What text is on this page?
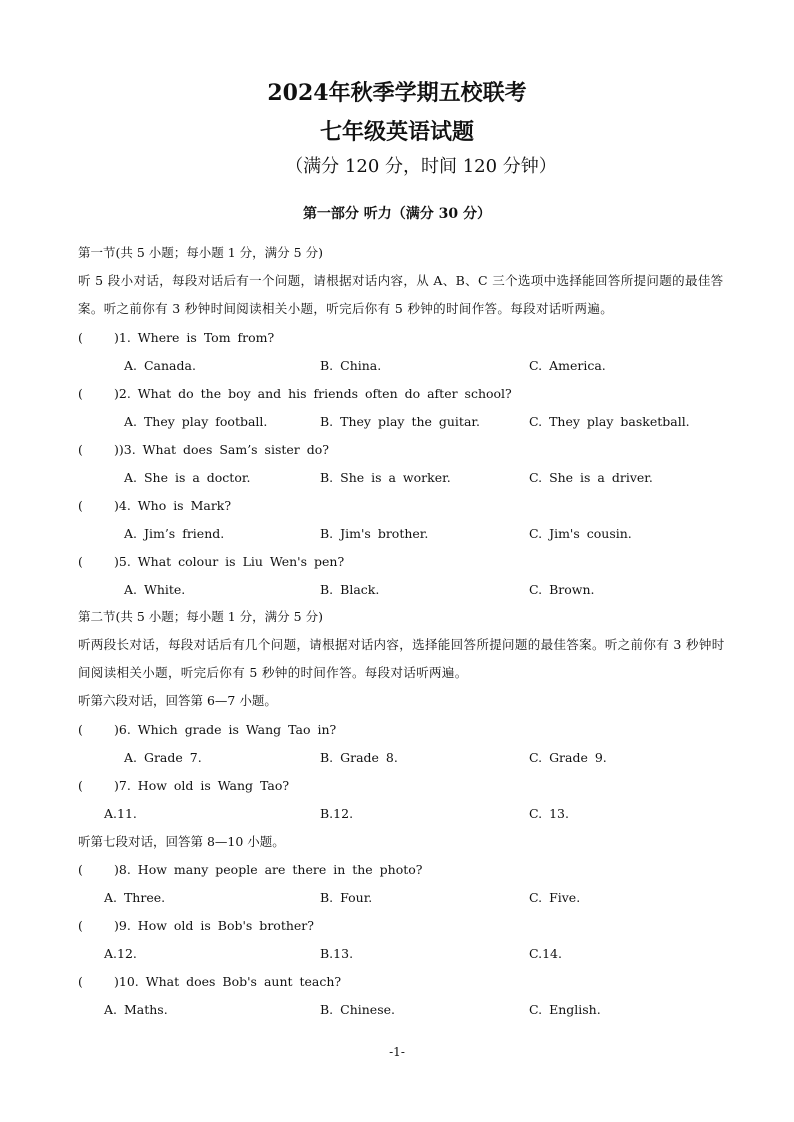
2024年秋季学期五校联考
七年级英语试题
（满分 120 分，时间 120 分钟）
第一部分 听力（满分 30 分）
第一节(共 5 小题；每小题 1 分，满分 5 分)
听 5 段小对话，每段对话后有一个问题，请根据对话内容，从 A、B、C 三个选项中选择能回答所提问题的最佳答案。听之前你有 3 秒钟时间阅读相关小题，听完后你有 5 秒钟的时间作答。每段对话听两遍。
( )1. Where is Tom from?
A. Canada.	B. China.	C. America.
( )2. What do the boy and his friends often do after school?
A. They play football.	B. They play the guitar.	C. They play basketball.
( ))3. What does Sam’s sister do?
A. She is a doctor.	B. She is a worker.	C. She is a driver.
( )4. Who is Mark?
A. Jim’s friend.	B. Jim's brother.	C. Jim's cousin.
( )5. What colour is Liu Wen's pen?
A. White.	B. Black.	C. Brown.
第二节(共 5 小题；每小题 1 分，满分 5 分)
听两段长对话，每段对话后有几个问题，请根据对话内容，选择能回答所提问题的最佳答案。听之前你有 3 秒钟时间阅读相关小题，听完后你有 5 秒钟的时间作答。每段对话听两遍。
听第六段对话，回答第 6—7 小题。
( )6. Which grade is Wang Tao in?
A. Grade 7.	B. Grade 8.	C. Grade 9.
( )7. How old is Wang Tao?
A.11.	B.12.	C. 13.
听第七段对话，回答第 8—10 小题。
( )8. How many people are there in the photo?
A. Three.	B. Four.	C. Five.
( )9. How old is Bob's brother?
A.12.	B.13.	C.14.
( )10. What does Bob's aunt teach?
A. Maths.	B. Chinese.	C. English.
-1-
